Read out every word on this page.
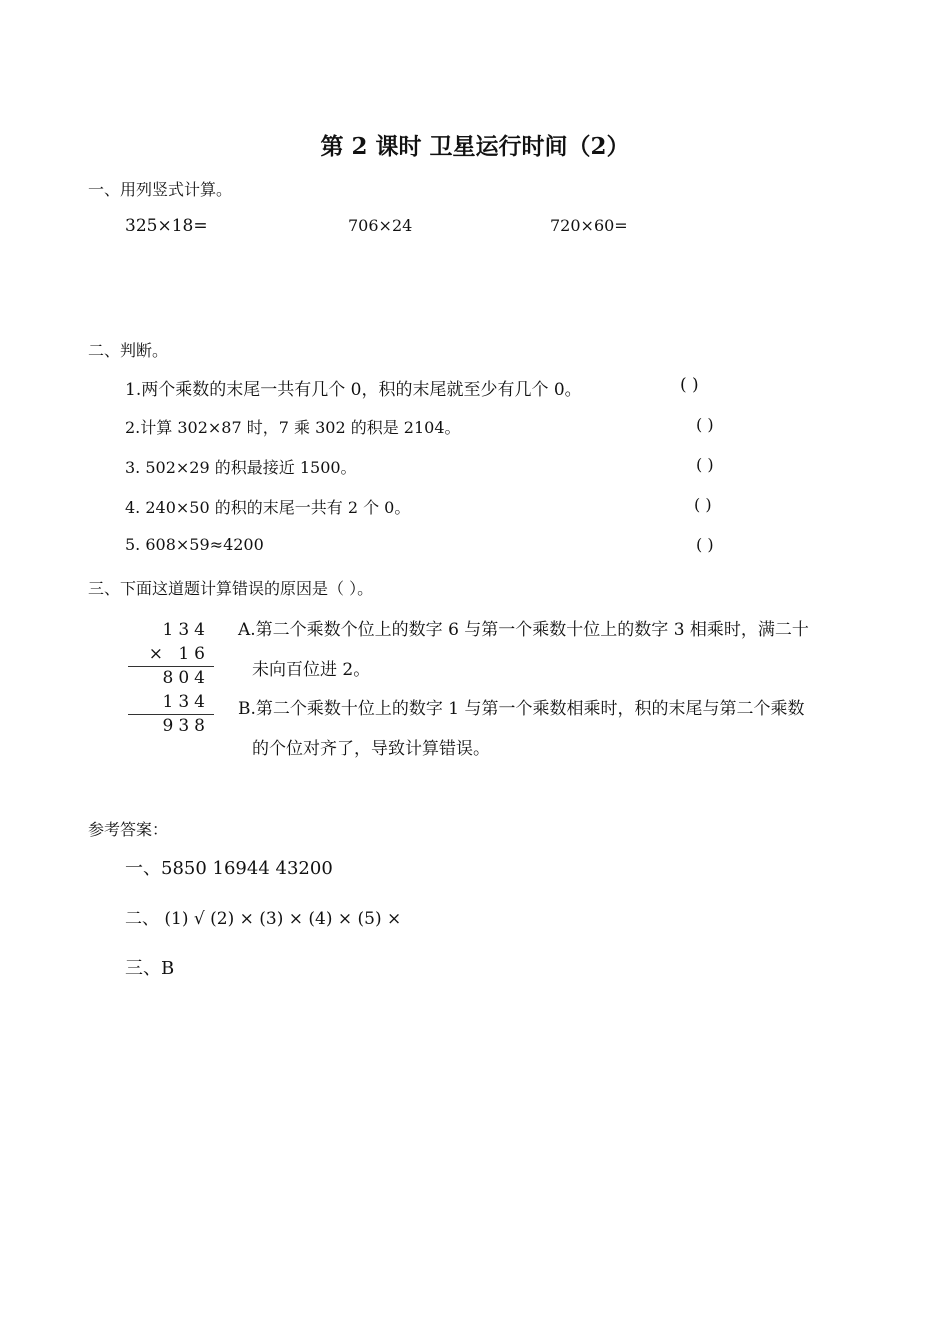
第 2 课时 卫星运行时间（2）
一、用列竖式计算。
325×18=	706×24	720×60=
二、判断。
1.两个乘数的末尾一共有几个 0，积的末尾就至少有几个 0。	( )
2.计算 302×87 时，7 乘 302 的积是 2104。	( )
3. 502×29 的积最接近 1500。	( )
4. 240×50 的积的末尾一共有 2 个 0。	( )
5. 608×59≈4200	( )
三、下面这道题计算错误的原因是（ ）。
134
× 16
804
134
938
A.第二个乘数个位上的数字 6 与第一个乘数十位上的数字 3 相乘时，满二十
未向百位进 2。
B.第二个乘数十位上的数字 1 与第一个乘数相乘时，积的末尾与第二个乘数
的个位对齐了，导致计算错误。
参考答案：
一、5850 16944 43200
二、 (1) √ (2) × (3) × (4) × (5) ×
三、B
